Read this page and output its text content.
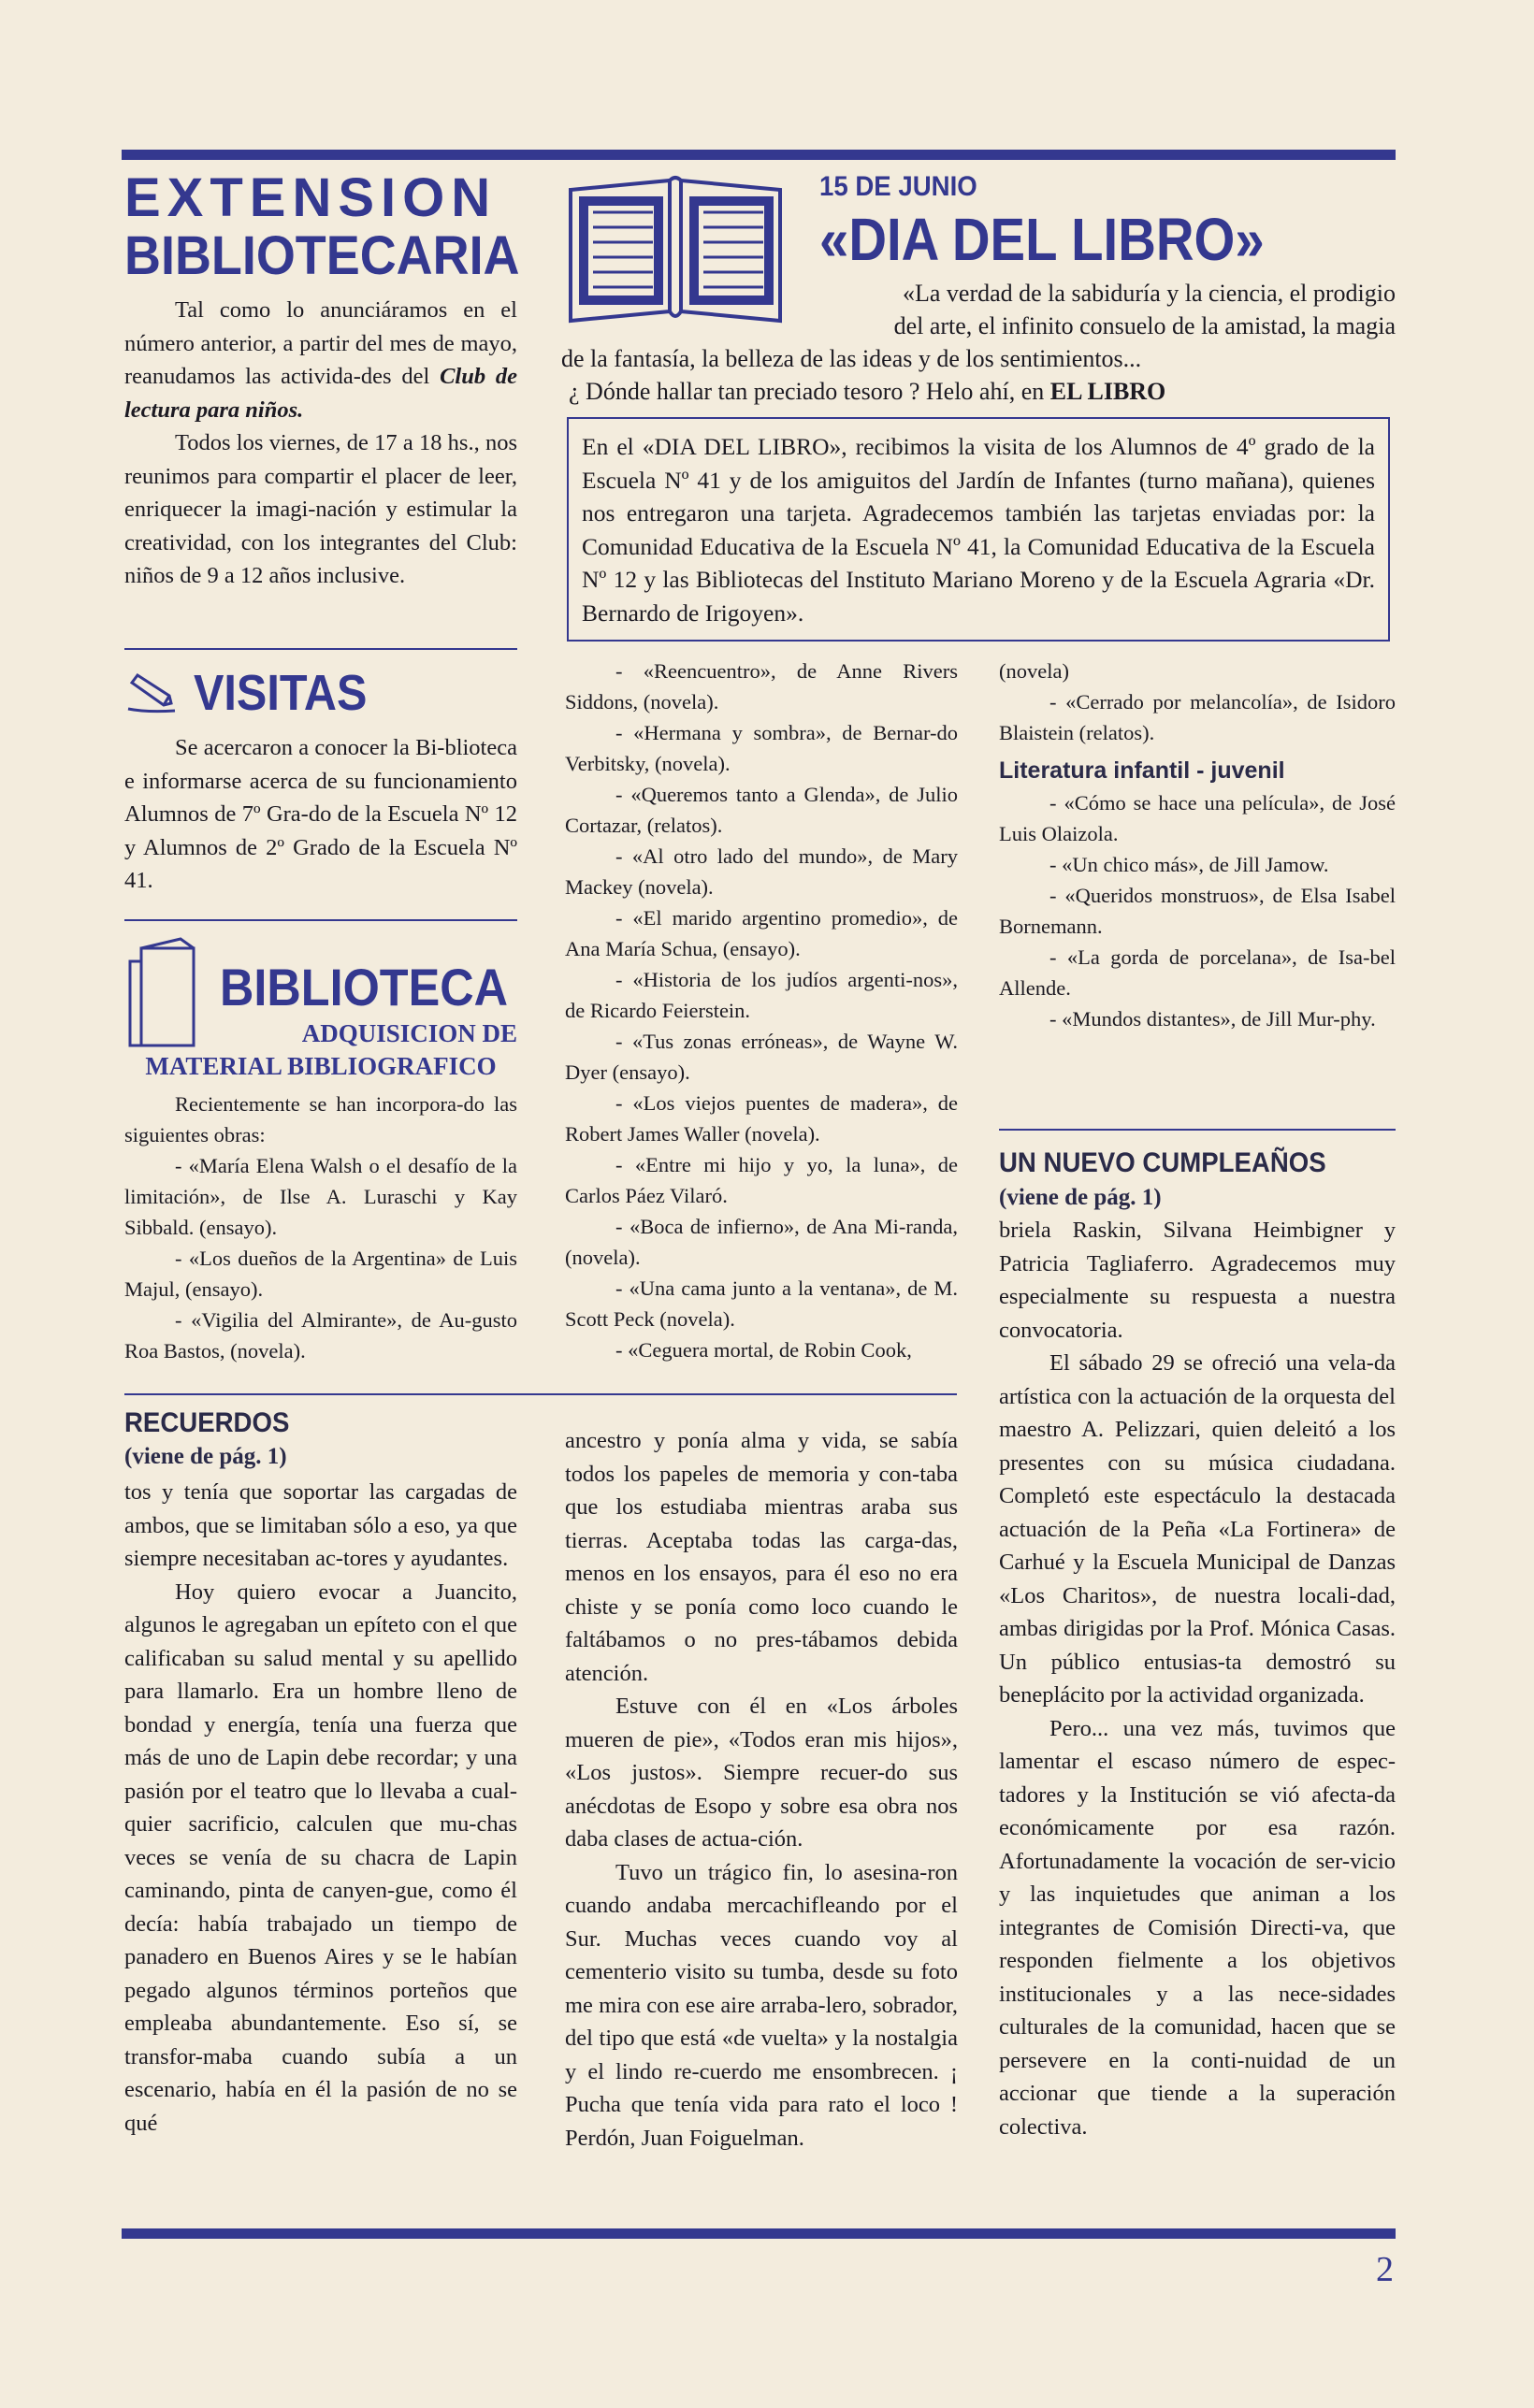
EXTENSION
BIBLIOTECARIA

Tal como lo anunciáramos en el número anterior, a partir del mes de mayo, reanudamos las activida-des del Club de lectura para niños.

Todos los viernes, de 17 a 18 hs., nos reunimos para compartir el placer de leer, enriquecer la imagi-nación y estimular la creatividad, con los integrantes del Club: niños de 9 a 12 años inclusive.

VISITAS

Se acercaron a conocer la Bi-blioteca e informarse acerca de su funcionamiento Alumnos de 7º Gra-do de la Escuela Nº 12 y Alumnos de 2º Grado de la Escuela Nº 41.

BIBLIOTECA
ADQUISICION DE
MATERIAL BIBLIOGRAFICO

Recientemente se han incorpora-do las siguientes obras:

- «María Elena Walsh o el desafío de la limitación», de Ilse A. Luraschi y Kay Sibbald. (ensayo).

- «Los dueños de la Argentina» de Luis Majul, (ensayo).

- «Vigilia del Almirante», de Au-gusto Roa Bastos, (novela).

15 DE JUNIO
«DIA DEL LIBRO»
«La verdad de la sabiduría y la ciencia, el prodigio
del arte, el infinito consuelo de la amistad, la magia
de la fantasía, la belleza de las ideas y de los sentimientos...
¿ Dónde hallar tan preciado tesoro ? Helo ahí, en EL LIBRO

En el «DIA DEL LIBRO», recibimos la visita de los Alumnos de 4º grado de la Escuela Nº 41 y de los amiguitos del Jardín de Infantes (turno mañana), quienes nos entregaron una tarjeta. Agradecemos también las tarjetas enviadas por: la Comunidad Educativa de la Escuela Nº 41, la Comunidad Educativa de la Escuela Nº 12 y las Bibliotecas del Instituto Mariano Moreno y de la Escuela Agraria «Dr. Bernardo de Irigoyen».

- «Reencuentro», de Anne Rivers Siddons, (novela).

- «Hermana y sombra», de Bernar-do Verbitsky, (novela).

- «Queremos tanto a Glenda», de Julio Cortazar, (relatos).

- «Al otro lado del mundo», de Mary Mackey (novela).

- «El marido argentino promedio», de Ana María Schua, (ensayo).

- «Historia de los judíos argenti-nos», de Ricardo Feierstein.

- «Tus zonas erróneas», de Wayne W. Dyer (ensayo).

- «Los viejos puentes de madera», de Robert James Waller (novela).

- «Entre mi hijo y yo, la luna», de Carlos Páez Vilaró.

- «Boca de infierno», de Ana Mi-randa, (novela).

- «Una cama junto a la ventana», de M. Scott Peck (novela).

- «Ceguera mortal, de Robin Cook,

(novela)

- «Cerrado por melancolía», de Isidoro Blaistein (relatos).

Literatura infantil - juvenil

- «Cómo se hace una película», de José Luis Olaizola.

- «Un chico más», de Jill Jamow.

- «Queridos monstruos», de Elsa Isabel Bornemann.

- «La gorda de porcelana», de Isa-bel Allende.

- «Mundos distantes», de Jill Mur-phy.

RECUERDOS
(viene de pág. 1)

tos y tenía que soportar las cargadas de ambos, que se limitaban sólo a eso, ya que siempre necesitaban ac-tores y ayudantes.

Hoy quiero evocar a Juancito, algunos le agregaban un epíteto con el que calificaban su salud mental y su apellido para llamarlo. Era un hombre lleno de bondad y energía, tenía una fuerza que más de uno de Lapin debe recordar; y una pasión por el teatro que lo llevaba a cual-quier sacrificio, calculen que mu-chas veces se venía de su chacra de Lapin caminando, pinta de canyen-gue, como él decía: había trabajado un tiempo de panadero en Buenos Aires y se le habían pegado algunos términos porteños que empleaba abundantemente. Eso sí, se transfor-maba cuando subía a un escenario, había en él la pasión de no se qué

ancestro y ponía alma y vida, se sabía todos los papeles de memoria y con-taba que los estudiaba mientras araba sus tierras. Aceptaba todas las carga-das, menos en los ensayos, para él eso no era chiste y se ponía como loco cuando le faltábamos o no pres-tábamos debida atención.

Estuve con él en «Los árboles mueren de pie», «Todos eran mis hijos», «Los justos». Siempre recuer-do sus anécdotas de Esopo y sobre esa obra nos daba clases de actua-ción.

Tuvo un trágico fin, lo asesina-ron cuando andaba mercachifleando por el Sur. Muchas veces cuando voy al cementerio visito su tumba, desde su foto me mira con ese aire arraba-lero, sobrador, del tipo que está «de vuelta» y la nostalgia y el lindo re-cuerdo me ensombrecen. ¡ Pucha que tenía vida para rato el loco ! Perdón, Juan Foiguelman.

UN NUEVO CUMPLEAÑOS
(viene de pág. 1)

briela Raskin, Silvana Heimbigner y Patricia Tagliaferro. Agradecemos muy especialmente su respuesta a nuestra convocatoria.

El sábado 29 se ofreció una vela-da artística con la actuación de la orquesta del maestro A. Pelizzari, quien deleitó a los presentes con su música ciudadana. Completó este espectáculo la destacada actuación de la Peña «La Fortinera» de Carhué y la Escuela Municipal de Danzas «Los Charitos», de nuestra locali-dad, ambas dirigidas por la Prof. Mónica Casas. Un público entusias-ta demostró su beneplácito por la actividad organizada.

Pero... una vez más, tuvimos que lamentar el escaso número de espec-tadores y la Institución se vió afecta-da económicamente por esa razón. Afortunadamente la vocación de ser-vicio y las inquietudes que animan a los integrantes de Comisión Directi-va, que responden fielmente a los objetivos institucionales y a las nece-sidades culturales de la comunidad, hacen que se persevere en la conti-nuidad de un accionar que tiende a la superación colectiva.

2
